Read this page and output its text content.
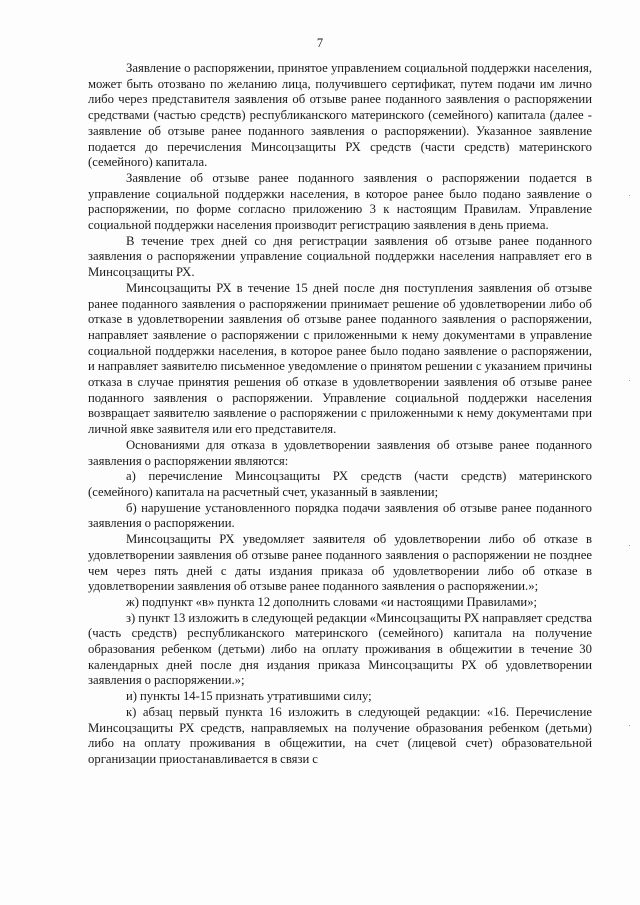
7

Заявление о распоряжении, принятое управлением социальной поддержки населения, может быть отозвано по желанию лица, получившего сертификат, путем подачи им лично либо через представителя заявления об отзыве ранее поданного заявления о распоряжении средствами (частью средств) республиканского материнского (семейного) капитала (далее - заявление об отзыве ранее поданного заявления о распоряжении). Указанное заявление подается до перечисления Минсоцзащиты РХ средств (части средств) материнского (семейного) капитала.

Заявление об отзыве ранее поданного заявления о распоряжении подается в управление социальной поддержки населения, в которое ранее было подано заявление о распоряжении, по форме согласно приложению 3 к настоящим Правилам. Управление социальной поддержки населения производит регистрацию заявления в день приема.

В течение трех дней со дня регистрации заявления об отзыве ранее поданного заявления о распоряжении управление социальной поддержки населения направляет его в Минсоцзащиты РХ.

Минсоцзащиты РХ в течение 15 дней после дня поступления заявления об отзыве ранее поданного заявления о распоряжении принимает решение об удовлетворении либо об отказе в удовлетворении заявления об отзыве ранее поданного заявления о распоряжении, направляет заявление о распоряжении с приложенными к нему документами в управление социальной поддержки населения, в которое ранее было подано заявление о распоряжении, и направляет заявителю письменное уведомление о принятом решении с указанием причины отказа в случае принятия решения об отказе в удовлетворении заявления об отзыве ранее поданного заявления о распоряжении. Управление социальной поддержки населения возвращает заявителю заявление о распоряжении с приложенными к нему документами при личной явке заявителя или его представителя.

Основаниями для отказа в удовлетворении заявления об отзыве ранее поданного заявления о распоряжении являются:

а) перечисление Минсоцзащиты РХ средств (части средств) материнского (семейного) капитала на расчетный счет, указанный в заявлении;

б) нарушение установленного порядка подачи заявления об отзыве ранее поданного заявления о распоряжении.

Минсоцзащиты РХ уведомляет заявителя об удовлетворении либо об отказе в удовлетворении заявления об отзыве ранее поданного заявления о распоряжении не позднее чем через пять дней с даты издания приказа об удовлетворении либо об отказе в удовлетворении заявления об отзыве ранее поданного заявления о распоряжении.»;

ж) подпункт «в» пункта 12 дополнить словами «и настоящими Правилами»;

з) пункт 13 изложить в следующей редакции «Минсоцзащиты РХ направляет средства (часть средств) республиканского материнского (семейного) капитала на получение образования ребенком (детьми) либо на оплату проживания в общежитии в течение 30 календарных дней после дня издания приказа Минсоцзащиты РХ об удовлетворении заявления о распоряжении.»;

и) пункты 14-15 признать утратившими силу;

к) абзац первый пункта 16 изложить в следующей редакции: «16. Перечисление Минсоцзащиты РХ средств, направляемых на получение образования ребенком (детьми) либо на оплату проживания в общежитии, на счет (лицевой счет) образовательной организации приостанавливается в связи с
